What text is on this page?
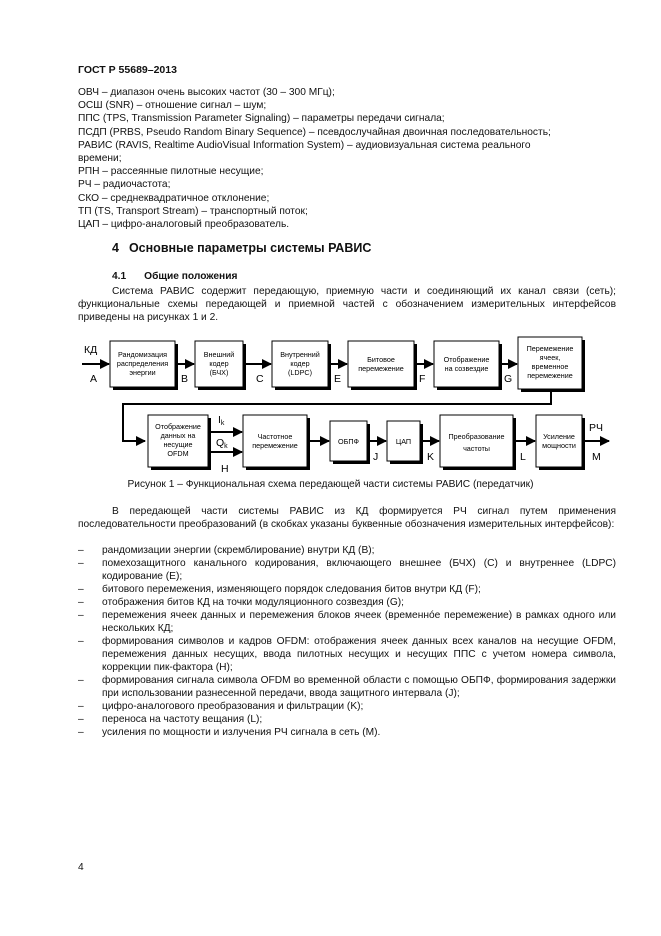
ГОСТ Р 55689–2013
ОВЧ – диапазон очень высоких частот (30 – 300 МГц);
ОСШ (SNR) – отношение сигнал – шум;
ППС (TPS, Transmission Parameter Signaling) – параметры передачи сигнала;
ПСДП (PRBS, Pseudo Random Binary Sequence) – псевдослучайная двоичная последовательность;
РАВИС (RAVIS, Realtime AudioVisual Information System) – аудиовизуальная система реального
времени;
РПН – рассеянные пилотные несущие;
РЧ – радиочастота;
СКО – среднеквадратичное отклонение;
ТП (TS, Transport Stream) – транспортный поток;
ЦАП – цифро-аналоговый преобразователь.
4 Основные параметры системы РАВИС
4.1 Общие положения
Система РАВИС содержит передающую, приемную части и соединяющий их канал связи (сеть); функциональные схемы передающей и приемной частей с обозначением измерительных интерфейсов приведены на рисунках 1 и 2.
Рандомизация
распределения
энергии
Внешний
кодер
(БЧХ)
Внутренний
кодер
(LDPC)
Битовое
перемежение
Отображение
на созвездие
Перемежение
ячеек,
временное
перемежение
КД
A	B	C	E	F	G
Отображение
данных на
несущие
OFDM
Частотное
перемежение	ОБПФ	ЦАП
Преобразование
частоты
Усиление
мощности
Ik
Qk
H
J	K	L
РЧ
M
Рисунок 1 – Функциональная схема передающей части системы РАВИС (передатчик)
В передающей части системы РАВИС из КД формируется РЧ сигнал путем применения последовательности преобразований (в скобках указаны буквенные обозначения измерительных интерфейсов):
– рандомизации энергии (скремблирование) внутри КД (B);
– помехозащитного канального кодирования, включающего внешнее (БЧХ) (C) и внутреннее (LDPC) кодирование (E);
– битового перемежения, изменяющего порядок следования битов внутри КД (F);
– отображения битов КД на точки модуляционного созвездия (G);
– перемежения ячеек данных и перемежения блоков ячеек (временнóе перемежение) в рамках одного или нескольких КД;
– формирования символов и кадров OFDM: отображения ячеек данных всех каналов на несущие OFDM, перемежения данных несущих, ввода пилотных несущих и несущих ППС с учетом номера символа, коррекции пик-фактора (H);
– формирования сигнала символа OFDM во временной области с помощью ОБПФ, формирования задержки при использовании разнесенной передачи, ввода защитного интервала (J);
– цифро-аналогового преобразования и фильтрации (K);
– переноса на частоту вещания (L);
– усиления по мощности и излучения РЧ сигнала в сеть (M).
4
